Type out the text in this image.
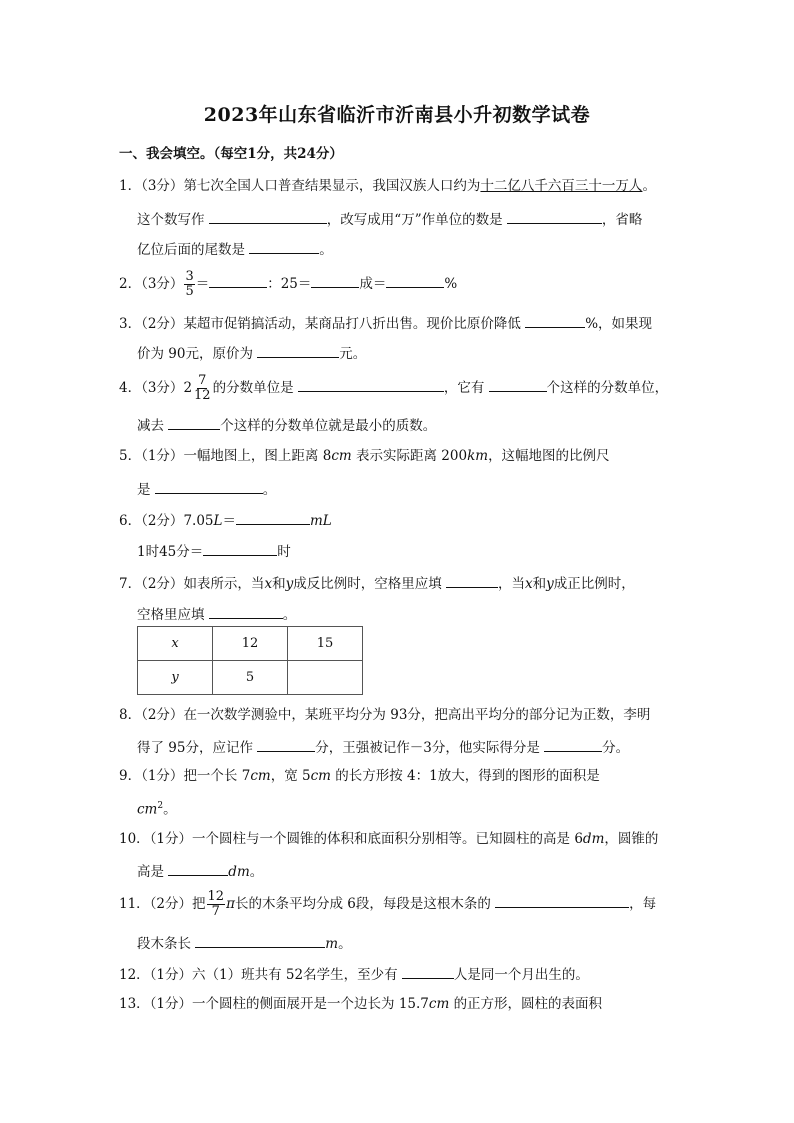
2023年山东省临沂市沂南县小升初数学试卷
一、我会填空。（每空1分，共24分）
1．（3分）第七次全国人口普查结果显示，我国汉族人口约为十二亿八千六百三十一万人。
这个数写作	，改写成用“万”作单位的数是	，省略
亿位后面的尾数是	。
2．（3分） $\frac{3}{5}$ ＝	：25＝	成＝	%
3．（2分）某超市促销搞活动，某商品打八折出售。现价比原价降低	%，如果现
价为 90元，原价为	元。
4．（3分）$2 \frac{7}{12}$ 的分数单位是	，它有	个这样的分数单位，
减去	个这样的分数单位就是最小的质数。
5．（1分）一幅地图上，图上距离 8cm 表示实际距离 200km，这幅地图的比例尺
是	。
6．（2分）7.05L＝	mL
1时45分＝	时
7．（2分）如表所示，当x和y成反比例时，空格里应填	，当x和y成正比例时，
空格里应填	。
x	12	15
y	5	
8．（2分）在一次数学测验中，某班平均分为 93分，把高出平均分的部分记为正数，李明
得了 95分，应记作	分，王强被记作－3分，他实际得分是	分。
9．（1分）把一个长 7cm，宽 5cm 的长方形按 4：1放大，得到的图形的面积是
$cm^2$。
10．（1分）一个圆柱与一个圆锥的体积和底面积分别相等。已知圆柱的高是 6dm，圆锥的
高是	dm。
11．（2分）把 $\frac{12}{7}$ π长的木条平均分成 6段，每段是这根木条的	，每
段木条长	m。
12．（1分）六（1）班共有 52名学生，至少有	人是同一个月出生的。
13．（1分）一个圆柱的侧面展开是一个边长为 15.7cm 的正方形，圆柱的表面积
